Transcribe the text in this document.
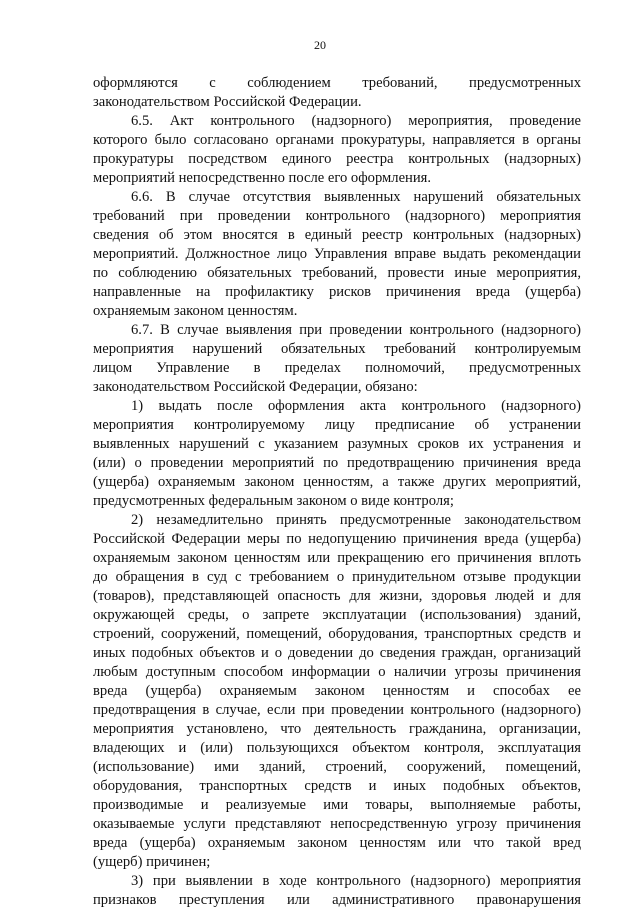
20
оформляются с соблюдением требований, предусмотренных
законодательством Российской Федерации.
6.5. Акт контрольного (надзорного) мероприятия, проведение
которого было согласовано органами прокуратуры, направляется в органы
прокуратуры посредством единого реестра контрольных (надзорных)
мероприятий непосредственно после его оформления.
6.6. В случае отсутствия выявленных нарушений обязательных
требований при проведении контрольного (надзорного) мероприятия
сведения об этом вносятся в единый реестр контрольных (надзорных)
мероприятий. Должностное лицо Управления вправе выдать рекомендации
по соблюдению обязательных требований, провести иные мероприятия,
направленные на профилактику рисков причинения вреда (ущерба)
охраняемым законом ценностям.
6.7. В случае выявления при проведении контрольного (надзорного)
мероприятия нарушений обязательных требований контролируемым
лицом Управление в пределах полномочий, предусмотренных
законодательством Российской Федерации, обязано:
1) выдать после оформления акта контрольного (надзорного)
мероприятия контролируемому лицу предписание об устранении
выявленных нарушений с указанием разумных сроков их устранения и
(или) о проведении мероприятий по предотвращению причинения вреда
(ущерба) охраняемым законом ценностям, а также других мероприятий,
предусмотренных федеральным законом о виде контроля;
2) незамедлительно принять предусмотренные законодательством
Российской Федерации меры по недопущению причинения вреда (ущерба)
охраняемым законом ценностям или прекращению его причинения вплоть
до обращения в суд с требованием о принудительном отзыве продукции
(товаров), представляющей опасность для жизни, здоровья людей и для
окружающей среды, о запрете эксплуатации (использования) зданий,
строений, сооружений, помещений, оборудования, транспортных средств и
иных подобных объектов и о доведении до сведения граждан, организаций
любым доступным способом информации о наличии угрозы причинения
вреда (ущерба) охраняемым законом ценностям и способах ее
предотвращения в случае, если при проведении контрольного (надзорного)
мероприятия установлено, что деятельность гражданина, организации,
владеющих и (или) пользующихся объектом контроля, эксплуатация
(использование) ими зданий, строений, сооружений, помещений,
оборудования, транспортных средств и иных подобных объектов,
производимые и реализуемые ими товары, выполняемые работы,
оказываемые услуги представляют непосредственную угрозу причинения
вреда (ущерба) охраняемым законом ценностям или что такой вред
(ущерб) причинен;
3) при выявлении в ходе контрольного (надзорного) мероприятия
признаков преступления или административного правонарушения
